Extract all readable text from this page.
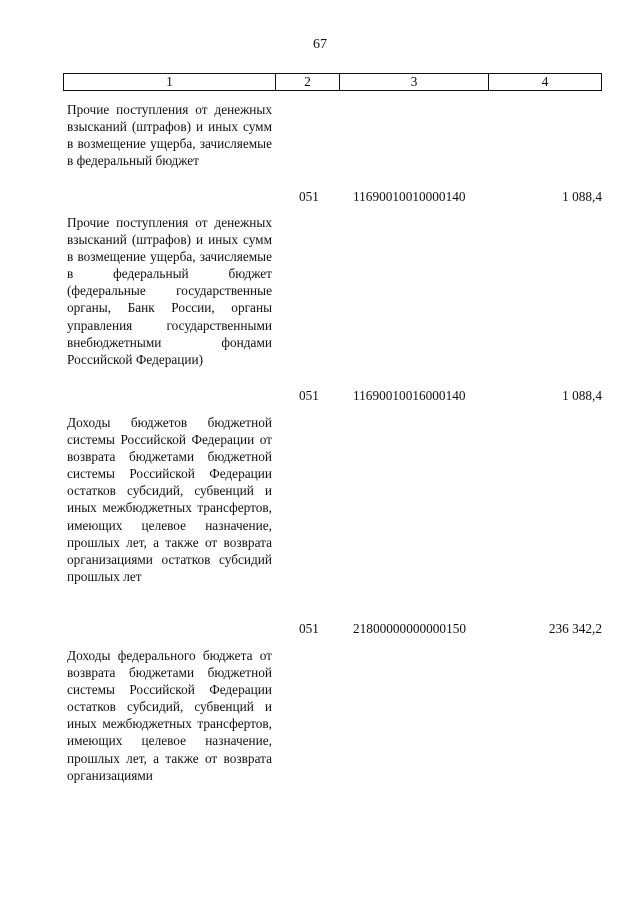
67
1	2	3	4
Прочие поступления от денежных взысканий (штрафов) и иных сумм в возмещение ущерба, зачисляемые в федеральный бюджет
051	11690010010000140	1 088,4
Прочие поступления от денежных взысканий (штрафов) и иных сумм в возмещение ущерба, зачисляемые в федеральный бюджет (федеральные государственные органы, Банк России, органы управления государственными внебюджетными фондами Российской Федерации)
051	11690010016000140	1 088,4
Доходы бюджетов бюджетной системы Российской Федерации от возврата бюджетами бюджетной системы Российской Федерации остатков субсидий, субвенций и иных межбюджетных трансфертов, имеющих целевое назначение, прошлых лет, а также от возврата организациями остатков субсидий прошлых лет
051	21800000000000150	236 342,2
Доходы федерального бюджета от возврата бюджетами бюджетной системы Российской Федерации остатков субсидий, субвенций и иных межбюджетных трансфертов, имеющих целевое назначение, прошлых лет, а также от возврата организациями
